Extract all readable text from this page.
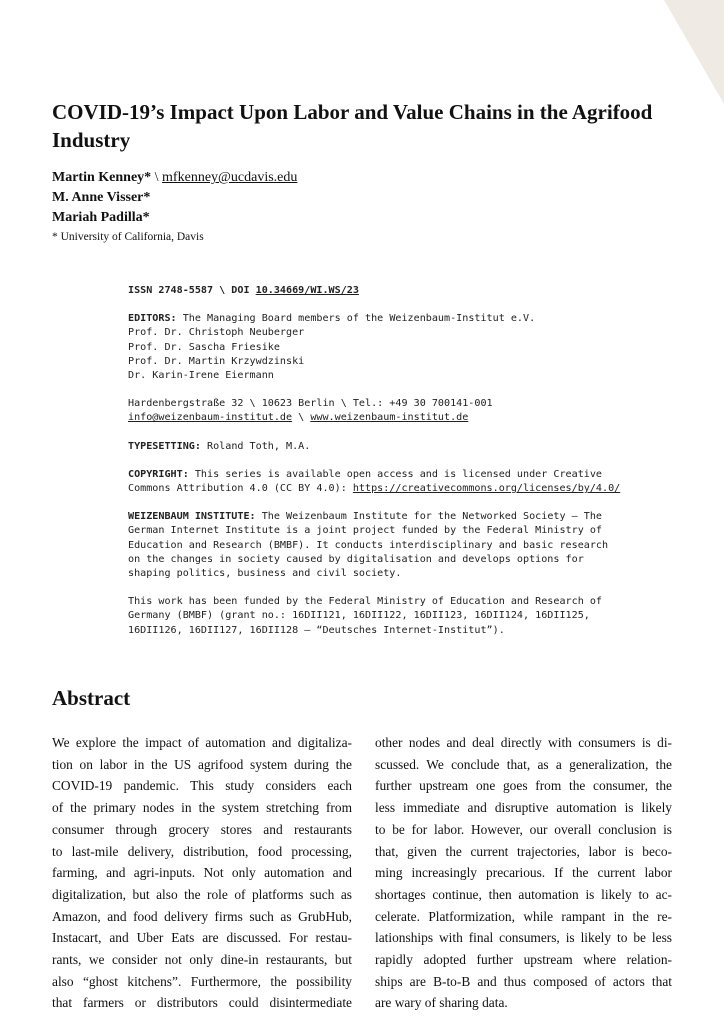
COVID-19’s Impact Upon Labor and Value Chains in the Agrifood
Industry
Martin Kenney* \ mfkenney@ucdavis.edu
M. Anne Visser*
Mariah Padilla*
* University of California, Davis

ISSN 2748-5587 \ DOI 10.34669/WI.WS/23

EDITORS: The Managing Board members of the Weizenbaum-Institut e.V.

Prof. Dr. Christoph Neuberger

Prof. Dr. Sascha Friesike

Prof. Dr. Martin Krzywdzinski

Dr. Karin-Irene Eiermann

Hardenbergstraße 32 \ 10623 Berlin \ Tel.: +49 30 700141-001

info@weizenbaum-institut.de \ www.weizenbaum-institut.de

TYPESETTING: Roland Toth, M.A.

COPYRIGHT: This series is available open access and is licensed under Creative

Commons Attribution 4.0 (CC BY 4.0): https://creativecommons.org/licenses/by/4.0/

WEIZENBAUM INSTITUTE: The Weizenbaum Institute for the Networked Society – The

German Internet Institute is a joint project funded by the Federal Ministry of

Education and Research (BMBF). It conducts interdisciplinary and basic research

on the changes in society caused by digitalisation and develops options for

shaping politics, business and civil society.

This work has been funded by the Federal Ministry of Education and Research of

Germany (BMBF) (grant no.: 16DII121, 16DII122, 16DII123, 16DII124, 16DII125,

16DII126, 16DII127, 16DII128 – “Deutsches Internet-Institut”).

Abstract
We explore the impact of automation and digitaliza-
tion on labor in the US agrifood system during the
COVID-19 pandemic. This study considers each
of the primary nodes in the system stretching from
consumer through grocery stores and restaurants
to last-mile delivery, distribution, food processing,
farming, and agri-inputs. Not only automation and
digitalization, but also the role of platforms such as
Amazon, and food delivery firms such as GrubHub,
Instacart, and Uber Eats are discussed. For restau-
rants, we consider not only dine-in restaurants, but
also “ghost kitchens”. Furthermore, the possibility
that farmers or distributors could disintermediate
other nodes and deal directly with consumers is di-
scussed. We conclude that, as a generalization, the
further upstream one goes from the consumer, the
less immediate and disruptive automation is likely
to be for labor. However, our overall conclusion is
that, given the current trajectories, labor is beco-
ming increasingly precarious. If the current labor
shortages continue, then automation is likely to ac-
celerate. Platformization, while rampant in the re-
lationships with final consumers, is likely to be less
rapidly adopted further upstream where relation-
ships are B-to-B and thus composed of actors that
are wary of sharing data.
